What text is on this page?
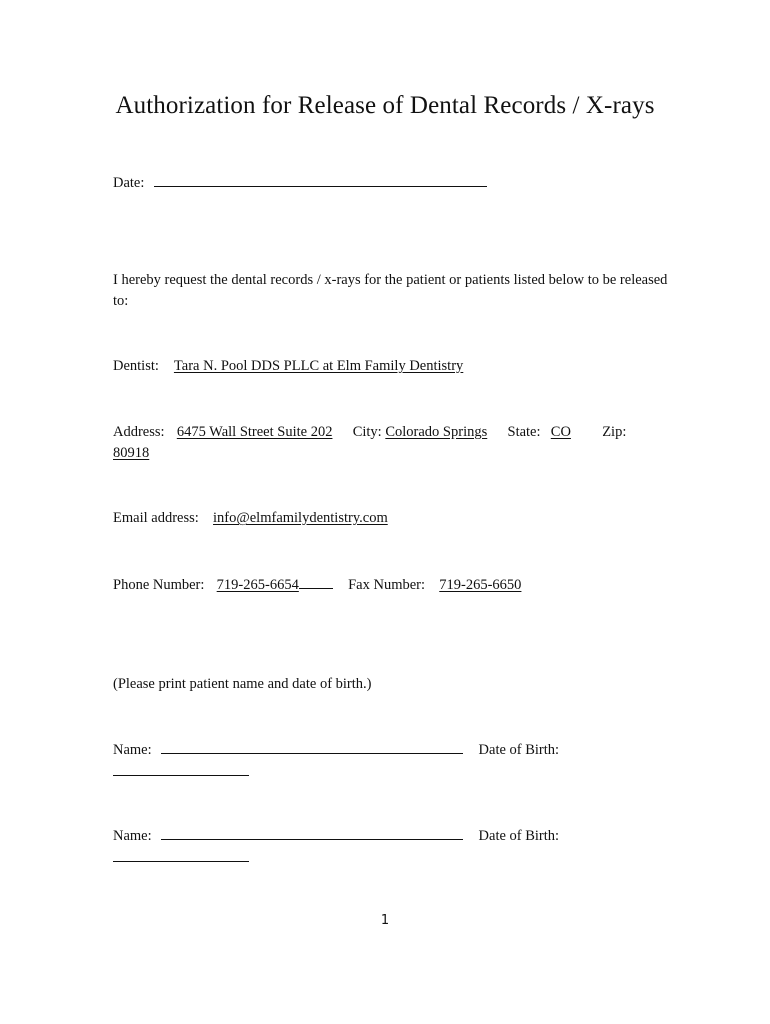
Authorization for Release of Dental Records / X-rays
Date:
I hereby request the dental records / x-rays for the patient or patients listed below to be released to:
Dentist: Tara N. Pool DDS PLLC at Elm Family Dentistry
Address: 6475 Wall Street Suite 202 City: Colorado Springs State: CO Zip:
80918
Email address: info@elmfamilydentistry.com
Phone Number: 719-265-6654	Fax Number: 719-265-6650
(Please print patient name and date of birth.)
Name:	Date of Birth:
Name:	Date of Birth:
1
